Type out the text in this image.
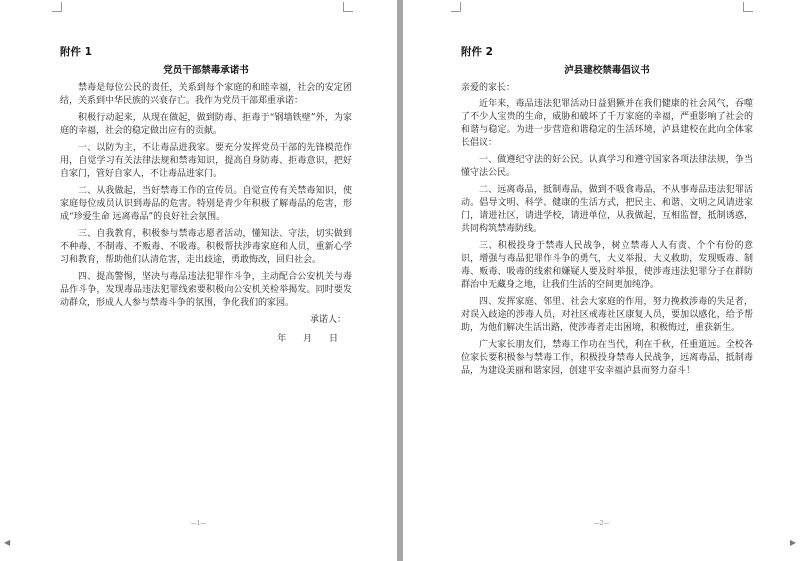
附件 1
党员干部禁毒承诺书

禁毒是每位公民的责任，关系到每个家庭的和睦幸福，社会的安定团结，关系到中华民族的兴衰存亡。我作为党员干部郑重承诺：

积极行动起来，从现在做起，做到防毒、拒毒于“钢墙铁壁”外，为家庭的幸福，社会的稳定做出应有的贡献。

一、以防为主，不让毒品进我家。要充分发挥党员干部的先锋模范作用，自觉学习有关法律法规和禁毒知识，提高自身防毒、拒毒意识，把好自家门，管好自家人，不让毒品进家门。

二、从我做起，当好禁毒工作的宣传员。自觉宣传有关禁毒知识，使家庭每位成员认识到毒品的危害。特别是青少年积极了解毒品的危害，形成“珍爱生命 远离毒品”的良好社会氛围。

三、自我教育，积极参与禁毒志愿者活动，懂知法、守法，切实做到不种毒、不制毒、不贩毒、不吸毒。积极帮扶涉毒家庭和人员，重新心学习和教育，帮助他们认清危害，走出歧途，勇敢悔改，回归社会。

四、提高警惕，坚决与毒品违法犯罪作斗争，主动配合公安机关与毒品作斗争，发现毒品违法犯罪线索要积极向公安机关检举揭发。同时要发动群众，形成人人参与禁毒斗争的氛围，争化我们的家园。

承诺人：
年 月 日
—1—
◀
附件 2
泸县建校禁毒倡议书
亲爱的家长：

近年来，毒品违法犯罪活动日益猖獗并在我们健康的社会风气，吞噬了不少人宝贵的生命，威胁和破坏了千万家庭的幸福，严重影响了社会的和谐与稳定。为进一步营造和谐稳定的生活环境，泸县建校在此向全体家长倡议：

一、做遵纪守法的好公民。认真学习和遵守国家各项法律法规，争当懂守法公民。

二、远离毒品，抵制毒品，做到不吸食毒品，不从事毒品违法犯罪活动。倡导文明、科学、健康的生活方式，把民主、和谐、文明之风请进家门，请进社区，请进学校，请进单位，从我做起，互相监督，抵制诱惑，共同构筑禁毒防线。

三、积极投身于禁毒人民战争，树立禁毒人人有责、个个有份的意识，增强与毒品犯罪作斗争的勇气，大义举报，大义救助，发现贩毒、制毒、贩毒、吸毒的线索和嫌疑人要及时举报，使涉毒违法犯罪分子在群防群治中无藏身之地，让我们生活的空间更加纯净。

四、发挥家庭、邻里、社会大家庭的作用，努力挽救涉毒的失足者，对误入歧途的涉毒人员，对社区戒毒社区康复人员，要加以感化，给予帮助，为他们解决生活出路，使涉毒者走出困境，积极悔过，重获新生。

广大家长朋友们，禁毒工作功在当代，利在千秋，任重道远。全校各位家长要积极参与禁毒工作，积极投身禁毒人民战争，远离毒品，抵制毒品，为建设美丽和谐家园，创建平安幸福泸县而努力奋斗！

—2—
▶
